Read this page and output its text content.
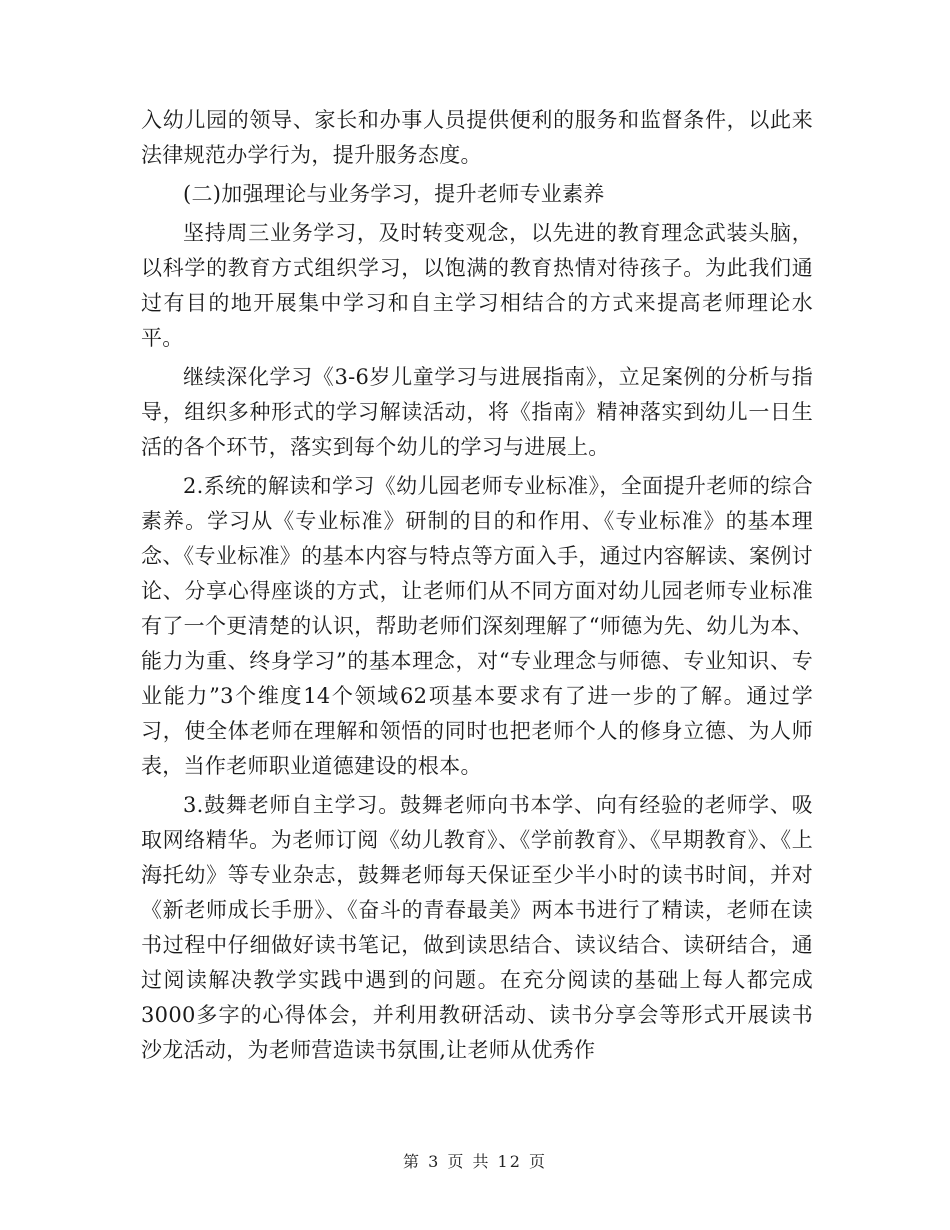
入幼儿园的领导、家长和办事人员提供便利的服务和监督条件，以此来法律规范办学行为，提升服务态度。

(二)加强理论与业务学习，提升老师专业素养

坚持周三业务学习，及时转变观念，以先进的教育理念武装头脑，以科学的教育方式组织学习，以饱满的教育热情对待孩子。为此我们通过有目的地开展集中学习和自主学习相结合的方式来提高老师理论水平。

继续深化学习《3-6岁儿童学习与进展指南》，立足案例的分析与指导，组织多种形式的学习解读活动，将《指南》精神落实到幼儿一日生活的各个环节，落实到每个幼儿的学习与进展上。

2.系统的解读和学习《幼儿园老师专业标准》，全面提升老师的综合素养。学习从《专业标准》研制的目的和作用、《专业标准》的基本理念、《专业标准》的基本内容与特点等方面入手，通过内容解读、案例讨论、分享心得座谈的方式，让老师们从不同方面对幼儿园老师专业标准有了一个更清楚的认识，帮助老师们深刻理解了“师德为先、幼儿为本、能力为重、终身学习”的基本理念，对“专业理念与师德、专业知识、专业能力”3个维度14个领域62项基本要求有了进一步的了解。通过学习，使全体老师在理解和领悟的同时也把老师个人的修身立德、为人师表，当作老师职业道德建设的根本。

3.鼓舞老师自主学习。鼓舞老师向书本学、向有经验的老师学、吸取网络精华。为老师订阅《幼儿教育》、《学前教育》、《早期教育》、《上海托幼》等专业杂志，鼓舞老师每天保证至少半小时的读书时间，并对《新老师成长手册》、《奋斗的青春最美》两本书进行了精读，老师在读书过程中仔细做好读书笔记，做到读思结合、读议结合、读研结合，通过阅读解决教学实践中遇到的问题。在充分阅读的基础上每人都完成3000多字的心得体会，并利用教研活动、读书分享会等形式开展读书沙龙活动，为老师营造读书氛围,让老师从优秀作

第 3 页 共 12 页
